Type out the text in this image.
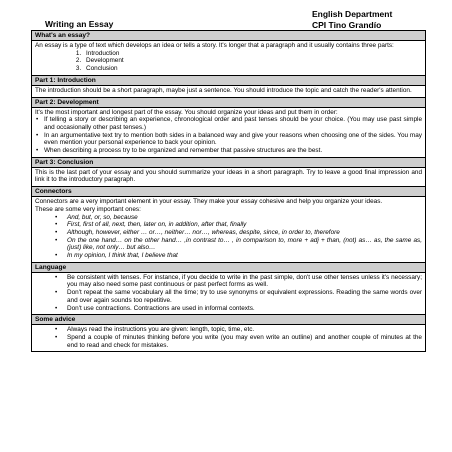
Writing an Essay
English Department
CPI Tino Grandío
What's an essay?
An essay is a type of text which develops an idea or tells a story. It's longer that a paragraph and it usually contains three parts:
1. Introduction
2. Development
3. Conclusion
Part 1: Introduction
The introduction should be a short paragraph, maybe just a sentence. You should introduce the topic and catch the reader's attention.
Part 2: Development
It's the most important and longest part of the essay. You should organize your ideas and put them in order:
• If telling a story or describing an experience, chronological order and past tenses should be your choice. (You may use past simple and occasionally other past tenses.)
• In an argumentative text try to mention both sides in a balanced way and give your reasons when choosing one of the sides. You may even mention your personal experience to back your opinion.
• When describing a process try to be organized and remember that passive structures are the best.
Part 3: Conclusion
This is the last part of your essay and you should summarize your ideas in a short paragraph. Try to leave a good final impression and link it to the introductory paragraph.
Connectors
Connectors are a very important element in your essay. They make your essay cohesive and help you organize your ideas.
These are some very important ones:
• And, but, or, so, because
• First, first of all, next, then, later on, in addition, after that, finally
• Although, however, either … or…, neither… nor…, whereas, despite, since, in order to, therefore
• On the one hand… on the other hand… ,in contrast to… , in comparison to, more + adj + than, (not) as… as, the same as, (just) like, not only… but also…
• In my opinion, I think that, I believe that
Language
• Be consistent with tenses. For instance, if you decide to write in the past simple, don't use other tenses unless it's necessary; you may also need some past continuous or past perfect forms as well.
• Don't repeat the same vocabulary all the time; try to use synonyms or equivalent expressions. Reading the same words over and over again sounds too repetitive.
• Don't use contractions. Contractions are used in informal contexts.
Some advice
• Always read the instructions you are given: length, topic, time, etc.
• Spend a couple of minutes thinking before you write (you may even write an outline) and another couple of minutes at the end to read and check for mistakes.
